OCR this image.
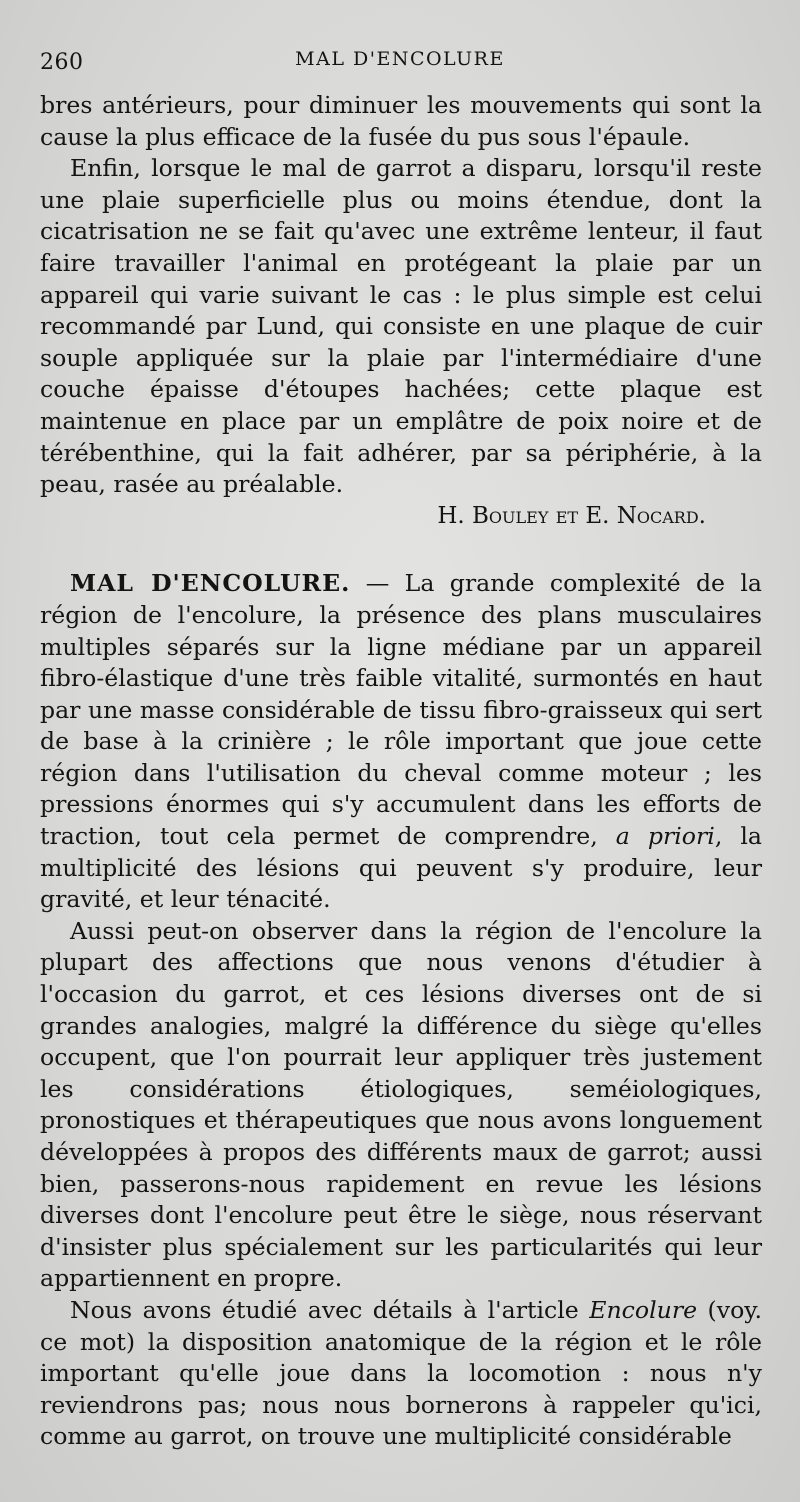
260	MAL D'ENCOLURE

bres antérieurs, pour diminuer les mouvements qui sont la cause la plus efficace de la fusée du pus sous l'épaule.

Enfin, lorsque le mal de garrot a disparu, lorsqu'il reste une plaie superficielle plus ou moins étendue, dont la cicatrisation ne se fait qu'avec une extrême lenteur, il faut faire travailler l'animal en protégeant la plaie par un appareil qui varie suivant le cas : le plus simple est celui recommandé par Lund, qui consiste en une plaque de cuir souple appliquée sur la plaie par l'intermédiaire d'une couche épaisse d'étoupes hachées; cette plaque est maintenue en place par un emplâtre de poix noire et de térébenthine, qui la fait adhérer, par sa périphérie, à la peau, rasée au préalable.

H. Bouley et E. Nocard.

MAL D'ENCOLURE. — La grande complexité de la région de l'encolure, la présence des plans musculaires multiples séparés sur la ligne médiane par un appareil fibro-élastique d'une très faible vitalité, surmontés en haut par une masse considérable de tissu fibro-graisseux qui sert de base à la crinière ; le rôle important que joue cette région dans l'utilisation du cheval comme moteur ; les pressions énormes qui s'y accumulent dans les efforts de traction, tout cela permet de comprendre, a priori, la multiplicité des lésions qui peuvent s'y produire, leur gravité, et leur ténacité.

Aussi peut-on observer dans la région de l'encolure la plupart des affections que nous venons d'étudier à l'occasion du garrot, et ces lésions diverses ont de si grandes analogies, malgré la différence du siège qu'elles occupent, que l'on pourrait leur appliquer très justement les considérations étiologiques, seméiologiques, pronostiques et thérapeutiques que nous avons longuement développées à propos des différents maux de garrot; aussi bien, passerons-nous rapidement en revue les lésions diverses dont l'encolure peut être le siège, nous réservant d'insister plus spécialement sur les particularités qui leur appartiennent en propre.

Nous avons étudié avec détails à l'article Encolure (voy. ce mot) la disposition anatomique de la région et le rôle important qu'elle joue dans la locomotion : nous n'y reviendrons pas; nous nous bornerons à rappeler qu'ici, comme au garrot, on trouve une multiplicité considérable
